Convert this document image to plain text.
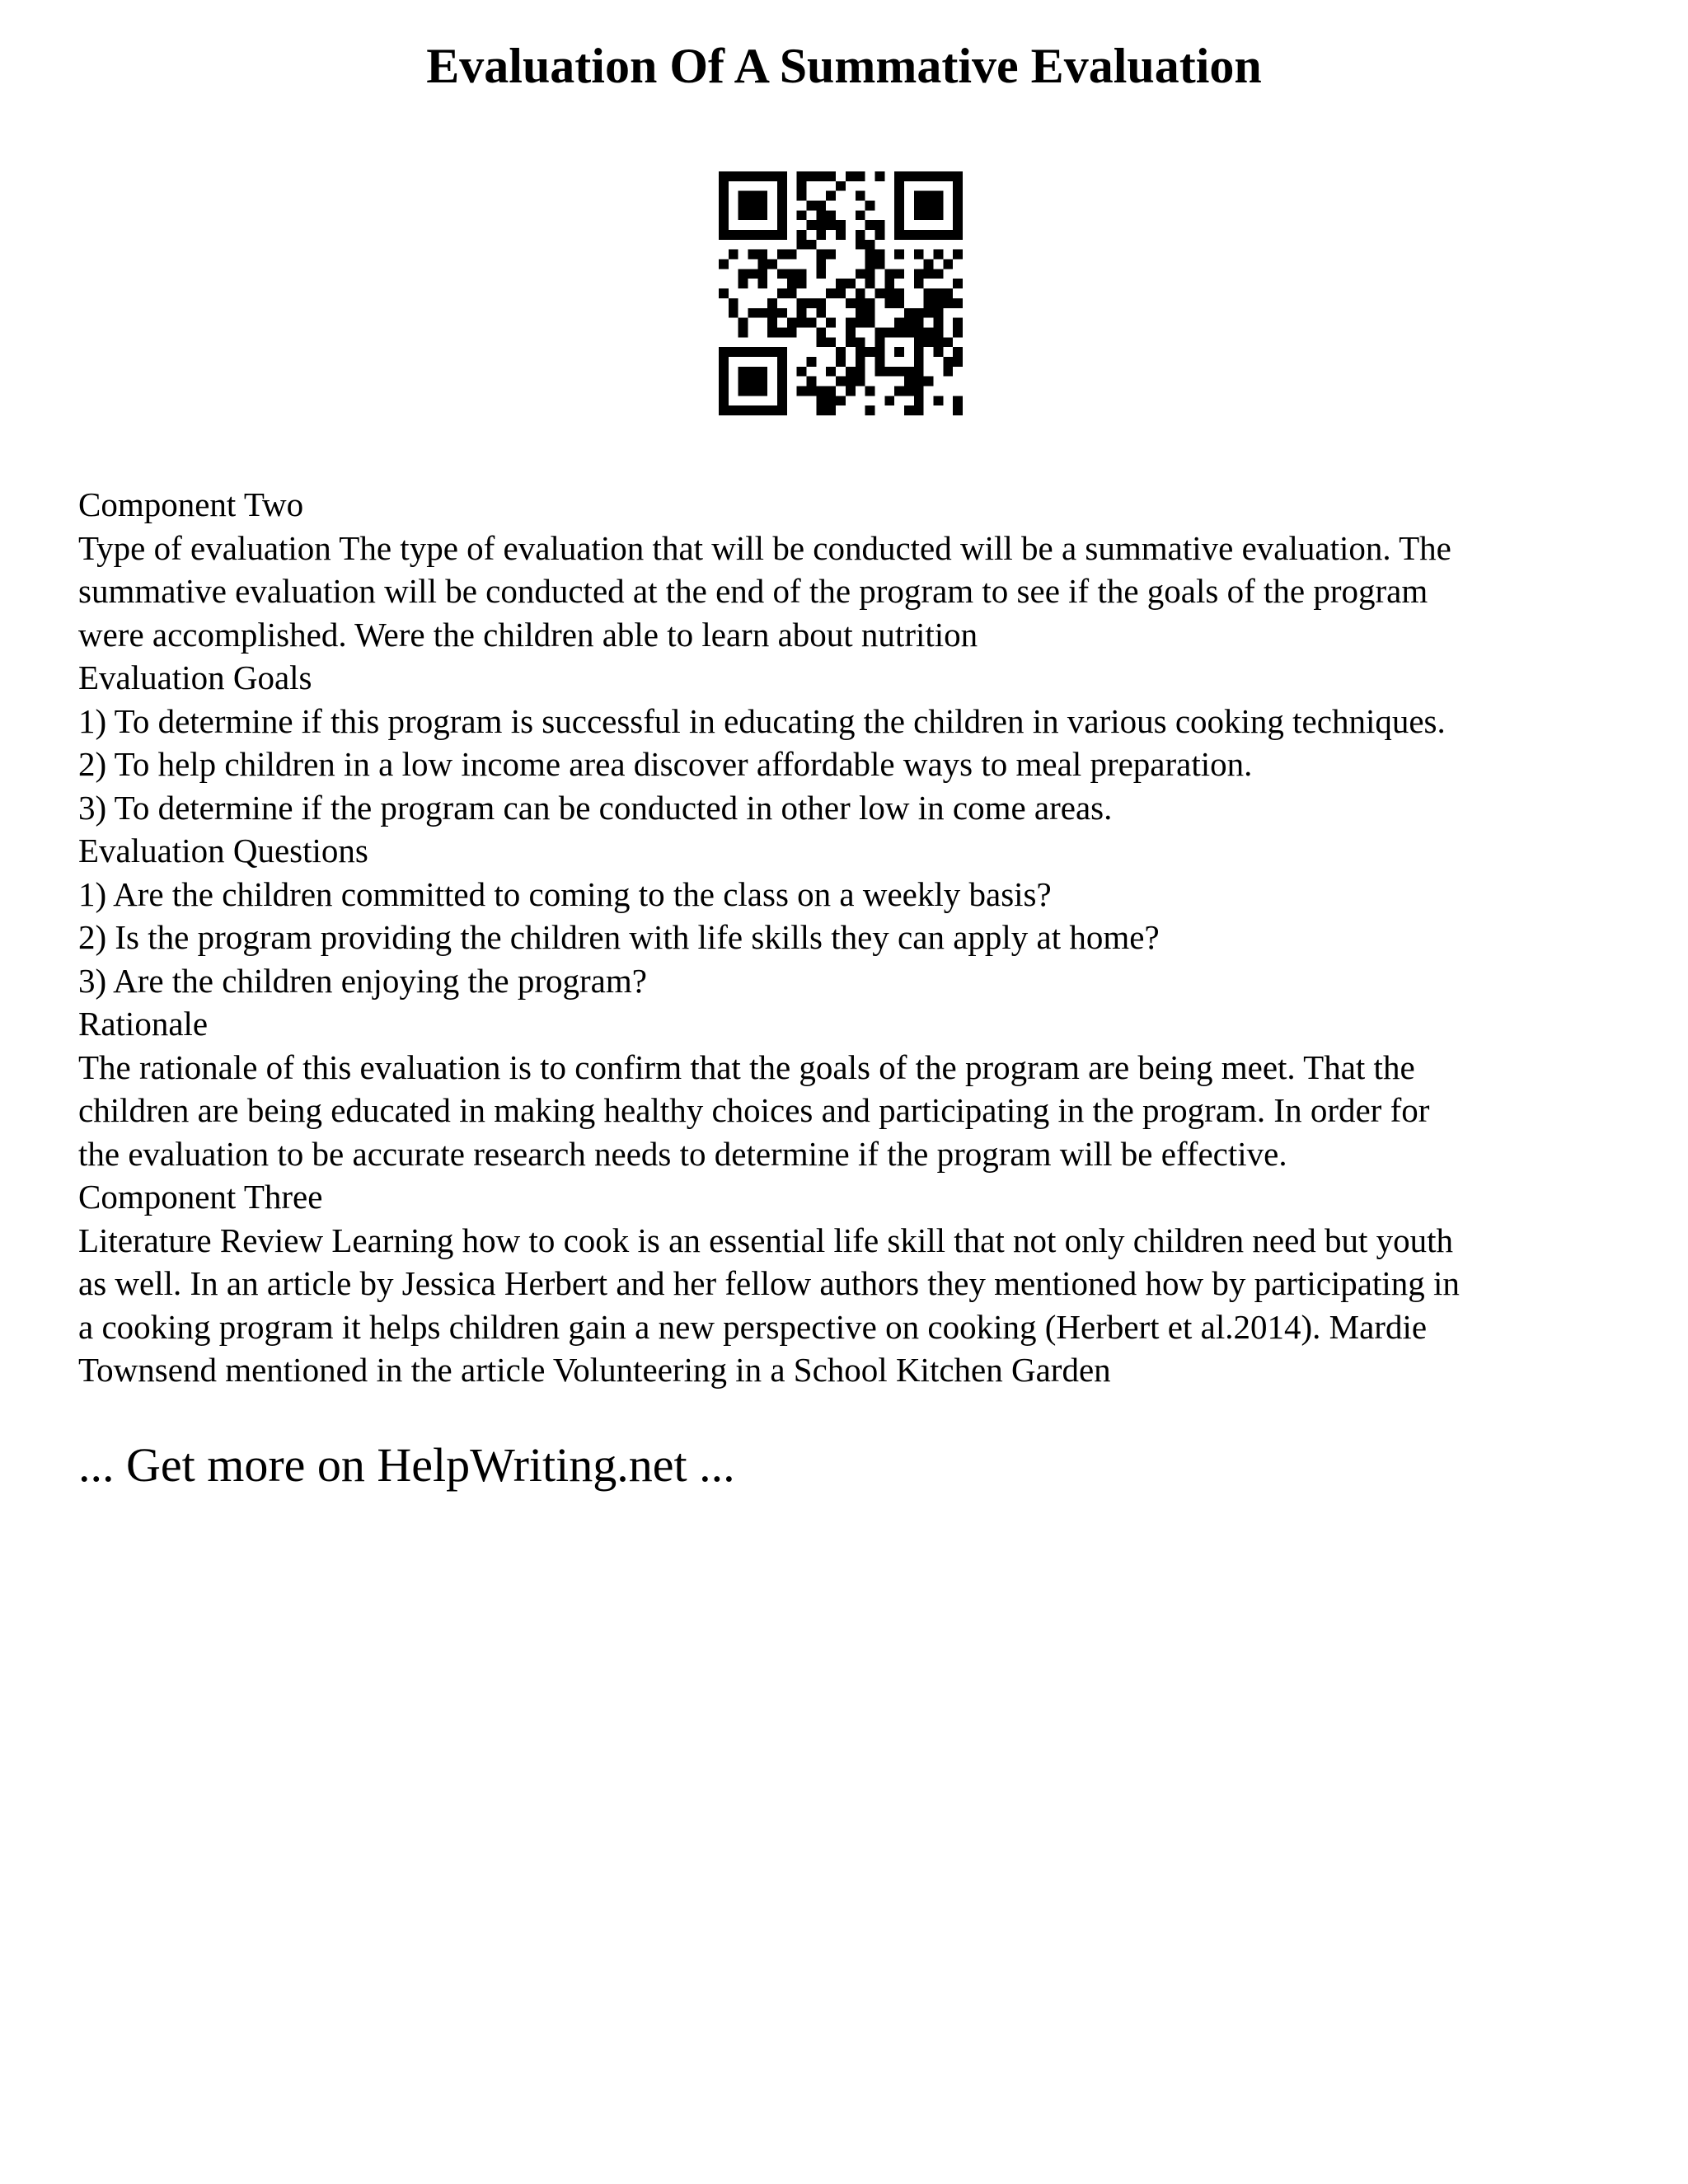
Evaluation Of A Summative Evaluation
Component Two
Type of evaluation The type of evaluation that will be conducted will be a summative evaluation. The
summative evaluation will be conducted at the end of the program to see if the goals of the program
were accomplished. Were the children able to learn about nutrition
Evaluation Goals
1) To determine if this program is successful in educating the children in various cooking techniques.
2) To help children in a low income area discover affordable ways to meal preparation.
3) To determine if the program can be conducted in other low in come areas.
Evaluation Questions
1) Are the children committed to coming to the class on a weekly basis?
2) Is the program providing the children with life skills they can apply at home?
3) Are the children enjoying the program?
Rationale
The rationale of this evaluation is to confirm that the goals of the program are being meet. That the
children are being educated in making healthy choices and participating in the program. In order for
the evaluation to be accurate research needs to determine if the program will be effective.
Component Three
Literature Review Learning how to cook is an essential life skill that not only children need but youth
as well. In an article by Jessica Herbert and her fellow authors they mentioned how by participating in
a cooking program it helps children gain a new perspective on cooking (Herbert et al.2014). Mardie
Townsend mentioned in the article Volunteering in a School Kitchen Garden
... Get more on HelpWriting.net ...
